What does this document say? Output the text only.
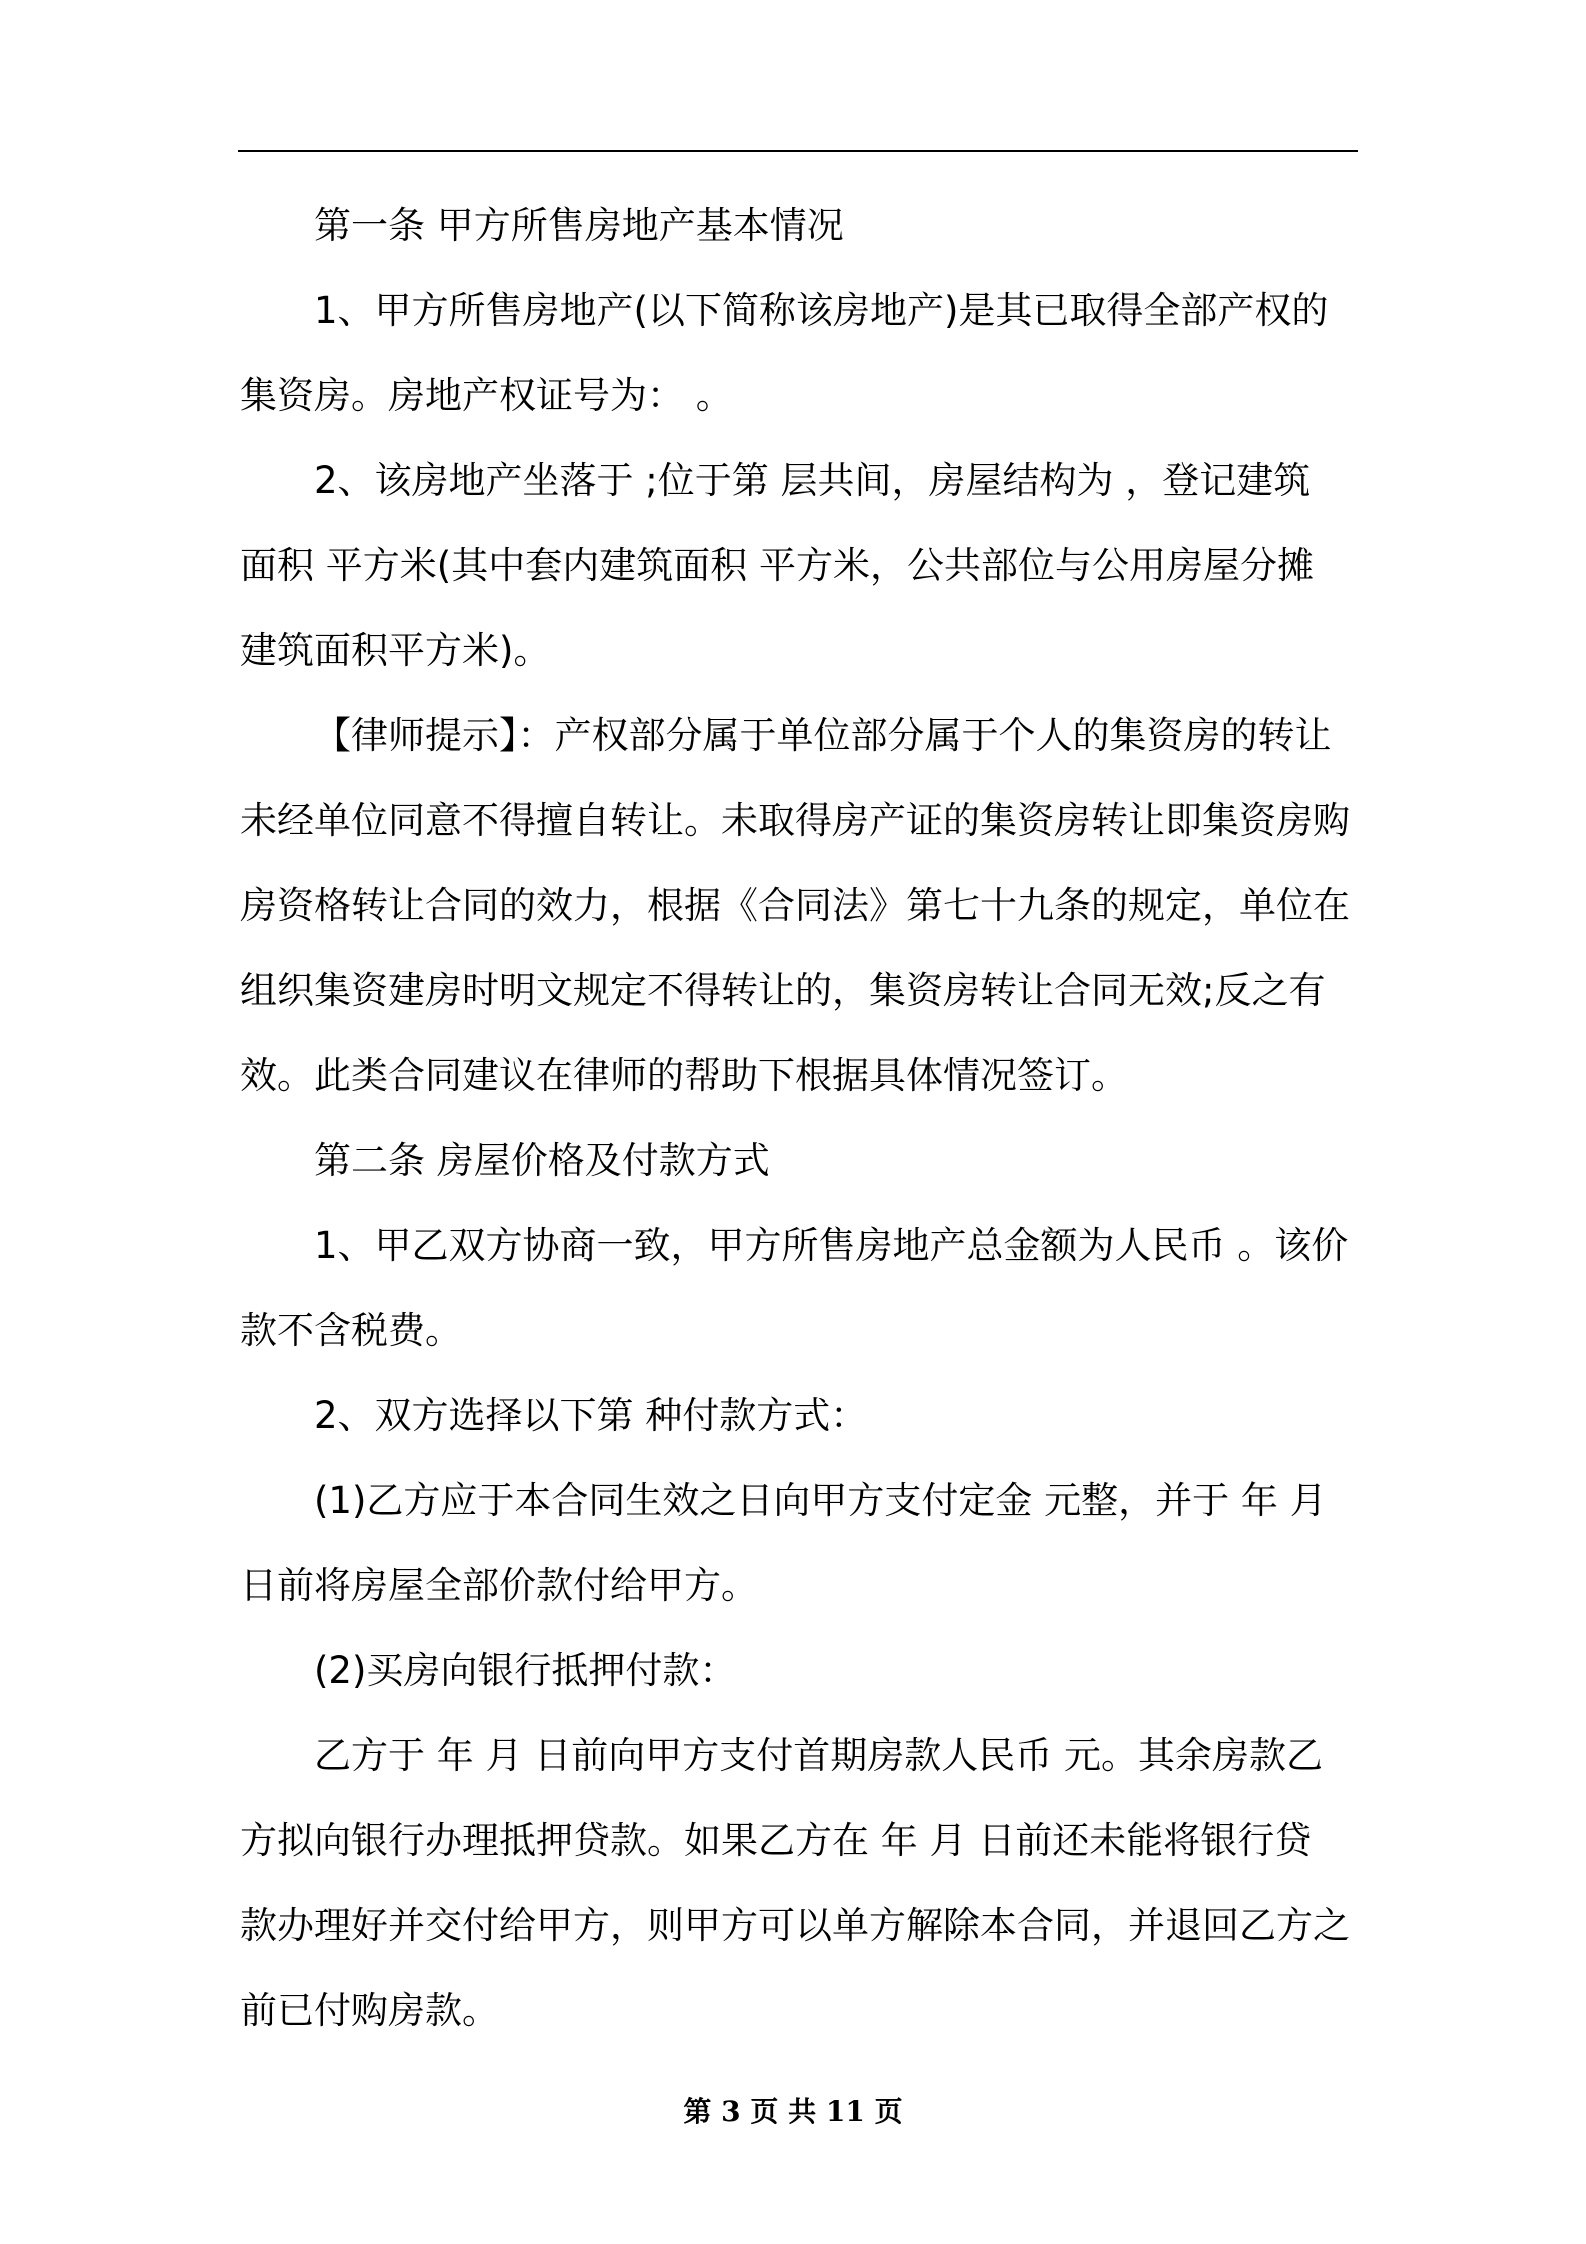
第一条 甲方所售房地产基本情况

1、甲方所售房地产(以下简称该房地产)是其已取得全部产权的

集资房。房地产权证号为： 。

2、该房地产坐落于 ;位于第 层共间，房屋结构为 ，登记建筑

面积 平方米(其中套内建筑面积 平方米，公共部位与公用房屋分摊

建筑面积平方米)。

【律师提示】：产权部分属于单位部分属于个人的集资房的转让

未经单位同意不得擅自转让。未取得房产证的集资房转让即集资房购

房资格转让合同的效力，根据《合同法》第七十九条的规定，单位在

组织集资建房时明文规定不得转让的，集资房转让合同无效;反之有

效。此类合同建议在律师的帮助下根据具体情况签订。

第二条 房屋价格及付款方式

1、甲乙双方协商一致，甲方所售房地产总金额为人民币 。该价

款不含税费。

2、双方选择以下第 种付款方式：

(1)乙方应于本合同生效之日向甲方支付定金 元整，并于 年 月

日前将房屋全部价款付给甲方。

(2)买房向银行抵押付款：

乙方于 年 月 日前向甲方支付首期房款人民币 元。其余房款乙

方拟向银行办理抵押贷款。如果乙方在 年 月 日前还未能将银行贷

款办理好并交付给甲方，则甲方可以单方解除本合同，并退回乙方之

前已付购房款。

第 3 页 共 11 页
